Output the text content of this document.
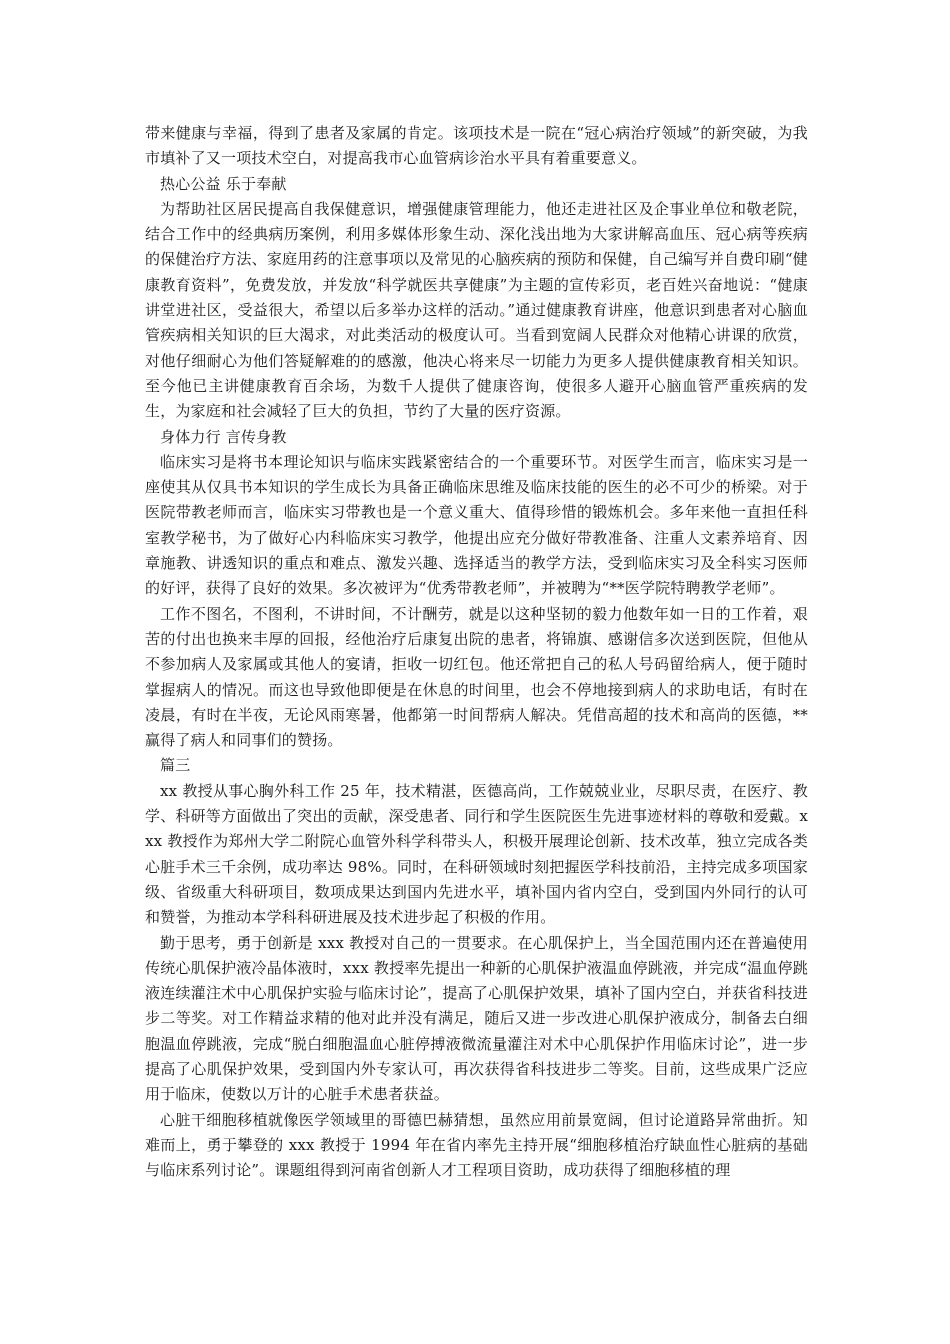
带来健康与幸福，得到了患者及家属的肯定。该项技术是一院在“冠心病治疗领域”的新突破，为我市填补了又一项技术空白，对提高我市心血管病诊治水平具有着重要意义。

热心公益 乐于奉献

为帮助社区居民提高自我保健意识，增强健康管理能力，他还走进社区及企事业单位和敬老院，结合工作中的经典病历案例，利用多媒体形象生动、深化浅出地为大家讲解高血压、冠心病等疾病的保健治疗方法、家庭用药的注意事项以及常见的心脑疾病的预防和保健，自己编写并自费印刷“健康教育资料”，免费发放，并发放“科学就医共享健康”为主题的宣传彩页，老百姓兴奋地说：“健康讲堂进社区，受益很大，希望以后多举办这样的活动。”通过健康教育讲座，他意识到患者对心脑血管疾病相关知识的巨大渴求，对此类活动的极度认可。当看到宽阔人民群众对他精心讲课的欣赏，对他仔细耐心为他们答疑解难的的感激，他决心将来尽一切能力为更多人提供健康教育相关知识。至今他已主讲健康教育百余场，为数千人提供了健康咨询，使很多人避开心脑血管严重疾病的发生，为家庭和社会减轻了巨大的负担，节约了大量的医疗资源。

身体力行 言传身教

临床实习是将书本理论知识与临床实践紧密结合的一个重要环节。对医学生而言，临床实习是一座使其从仅具书本知识的学生成长为具备正确临床思维及临床技能的医生的必不可少的桥梁。对于医院带教老师而言，临床实习带教也是一个意义重大、值得珍惜的锻炼机会。多年来他一直担任科室教学秘书，为了做好心内科临床实习教学，他提出应充分做好带教准备、注重人文素养培育、因章施教、讲透知识的重点和难点、激发兴趣、选择适当的教学方法，受到临床实习及全科实习医师的好评，获得了良好的效果。多次被评为“优秀带教老师”，并被聘为“**医学院特聘教学老师”。

工作不图名，不图利，不讲时间，不计酬劳，就是以这种坚韧的毅力他数年如一日的工作着，艰苦的付出也换来丰厚的回报，经他治疗后康复出院的患者，将锦旗、感谢信多次送到医院，但他从不参加病人及家属或其他人的宴请，拒收一切红包。他还常把自己的私人号码留给病人，便于随时掌握病人的情况。而这也导致他即便是在休息的时间里，也会不停地接到病人的求助电话，有时在凌晨，有时在半夜，无论风雨寒暑，他都第一时间帮病人解决。凭借高超的技术和高尚的医德，**赢得了病人和同事们的赞扬。

篇三

xx 教授从事心胸外科工作 25 年，技术精湛，医德高尚，工作兢兢业业，尽职尽责，在医疗、教学、科研等方面做出了突出的贡献，深受患者、同行和学生医院医生先进事迹材料的尊敬和爱戴。xxx 教授作为郑州大学二附院心血管外科学科带头人，积极开展理论创新、技术改革，独立完成各类心脏手术三千余例，成功率达 98%。同时，在科研领域时刻把握医学科技前沿，主持完成多项国家级、省级重大科研项目，数项成果达到国内先进水平，填补国内省内空白，受到国内外同行的认可和赞誉，为推动本学科科研进展及技术进步起了积极的作用。

勤于思考，勇于创新是 xxx 教授对自己的一贯要求。在心肌保护上，当全国范围内还在普遍使用传统心肌保护液冷晶体液时，xxx 教授率先提出一种新的心肌保护液温血停跳液，并完成“温血停跳液连续灌注术中心肌保护实验与临床讨论”，提高了心肌保护效果，填补了国内空白，并获省科技进步二等奖。对工作精益求精的他对此并没有满足，随后又进一步改进心肌保护液成分，制备去白细胞温血停跳液，完成“脱白细胞温血心脏停搏液微流量灌注对术中心肌保护作用临床讨论”，进一步提高了心肌保护效果，受到国内外专家认可，再次获得省科技进步二等奖。目前，这些成果广泛应用于临床，使数以万计的心脏手术患者获益。

心脏干细胞移植就像医学领域里的哥德巴赫猜想，虽然应用前景宽阔，但讨论道路异常曲折。知难而上，勇于攀登的 xxx 教授于 1994 年在省内率先主持开展“细胞移植治疗缺血性心脏病的基础与临床系列讨论”。课题组得到河南省创新人才工程项目资助，成功获得了细胞移植的理
